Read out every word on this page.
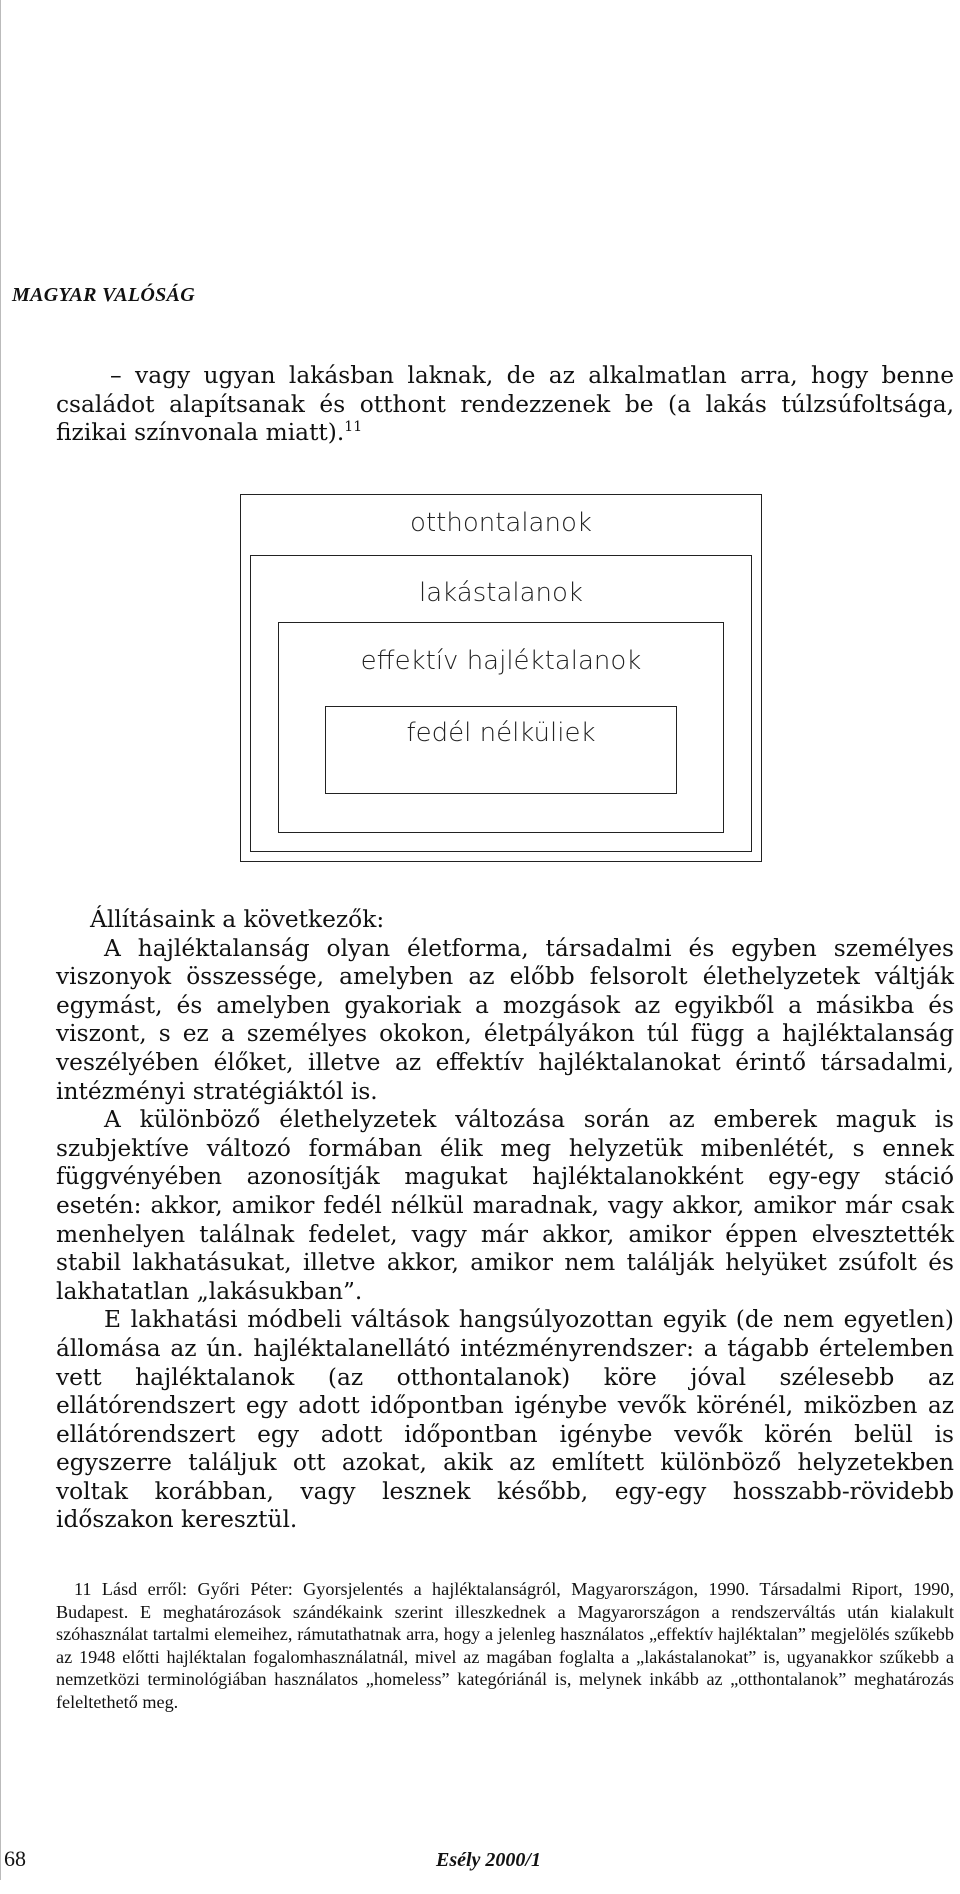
MAGYAR VALÓSÁG

– vagy ugyan lakásban laknak, de az alkalmatlan arra, hogy benne családot alapítsanak és otthont rendezzenek be (a lakás túlzsúfoltsága, fizikai színvonala miatt).$^{11}$

otthontalanok
lakástalanok
effektív hajléktalanok
fedél nélküliek

Állításaink a következők:

A hajléktalanság olyan életforma, társadalmi és egyben személyes viszonyok összessége, amelyben az előbb felsorolt élethelyzetek váltják egymást, és amelyben gyakoriak a mozgások az egyikből a másikba és viszont, s ez a személyes okokon, életpályákon túl függ a hajléktalanság veszélyében élőket, illetve az effektív hajléktalanokat érintő társadalmi, intézményi stratégiáktól is.

A különböző élethelyzetek változása során az emberek maguk is szubjektíve változó formában élik meg helyzetük mibenlétét, s ennek függvényében azonosítják magukat hajléktalanokként egy-egy stáció esetén: akkor, amikor fedél nélkül maradnak, vagy akkor, amikor már csak menhelyen találnak fedelet, vagy már akkor, amikor éppen elvesztették stabil lakhatásukat, illetve akkor, amikor nem találják helyüket zsúfolt és lakhatatlan „lakásukban”.

E lakhatási módbeli váltások hangsúlyozottan egyik (de nem egyetlen) állomása az ún. hajléktalanellátó intézményrendszer: a tágabb értelemben vett hajléktalanok (az otthontalanok) köre jóval szélesebb az ellátórendszert egy adott időpontban igénybe vevők körénél, miközben az ellátórendszert egy adott időpontban igénybe vevők körén belül is egyszerre találjuk ott azokat, akik az említett különböző helyzetekben voltak korábban, vagy lesznek később, egy-egy hosszabb-rövidebb időszakon keresztül.

11 Lásd erről: Győri Péter: Gyorsjelentés a hajléktalanságról, Magyarországon, 1990. Társadalmi Riport, 1990, Budapest. E meghatározások szándékaink szerint illeszkednek a Magyarországon a rendszerváltás után kialakult szóhasználat tartalmi elemeihez, rámutathatnak arra, hogy a jelenleg használatos „effektív hajléktalan” megjelölés szűkebb az 1948 előtti hajléktalan fogalomhasználatnál, mivel az magában foglalta a „lakástalanokat” is, ugyanakkor szűkebb a nemzetközi terminológiában használatos „homeless” kategóriánál is, melynek inkább az „otthontalanok” meghatározás feleltethető meg.

68	Esély 2000/1
